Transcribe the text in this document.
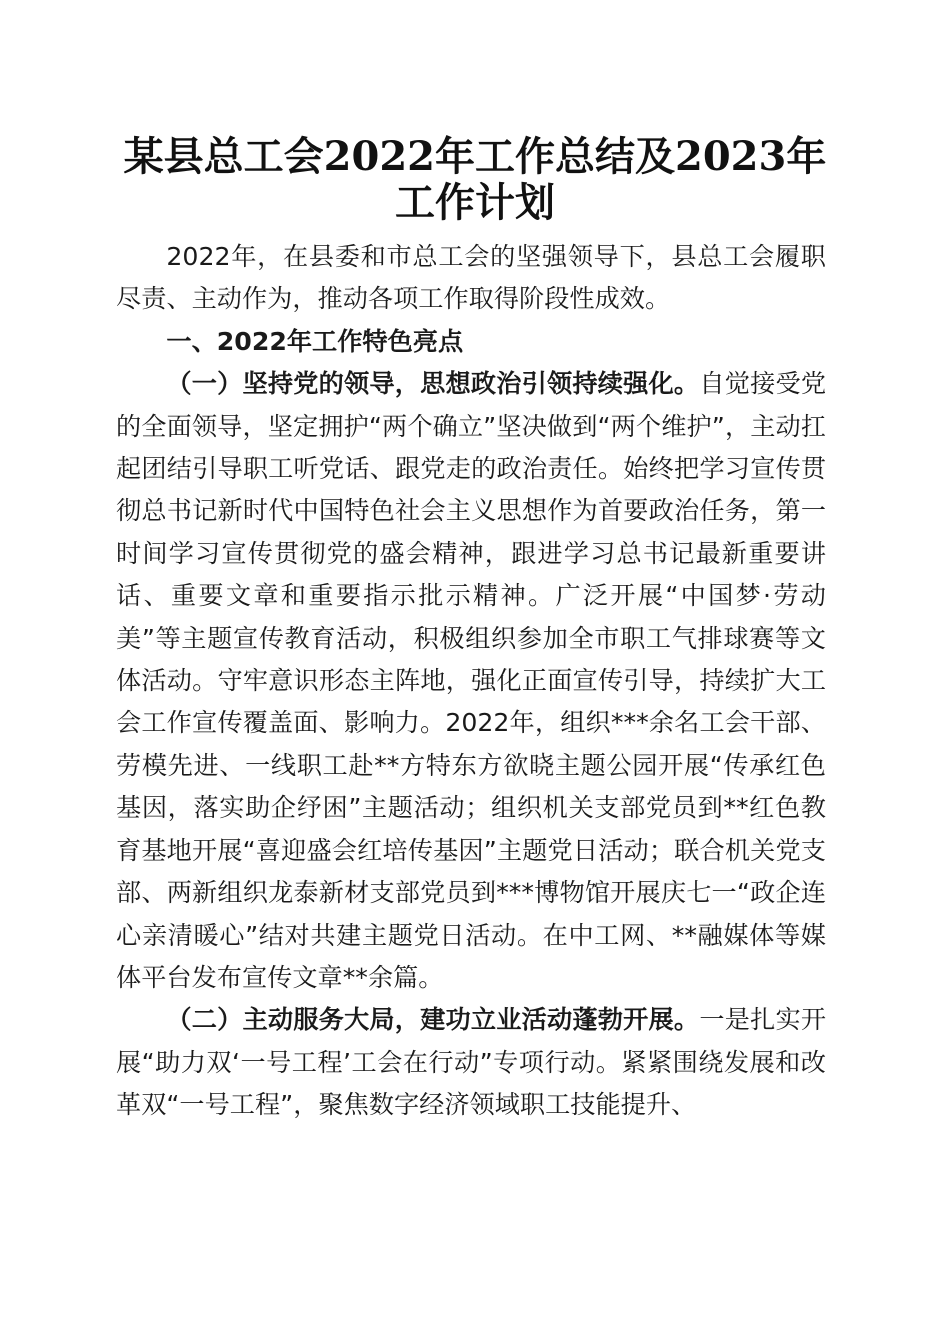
某县总工会2022年工作总结及2023年工作计划

2022年，在县委和市总工会的坚强领导下，县总工会履职尽责、主动作为，推动各项工作取得阶段性成效。

一、2022年工作特色亮点

（一）坚持党的领导，思想政治引领持续强化。自觉接受党的全面领导，坚定拥护“两个确立”坚决做到“两个维护”，主动扛起团结引导职工听党话、跟党走的政治责任。始终把学习宣传贯彻总书记新时代中国特色社会主义思想作为首要政治任务，第一时间学习宣传贯彻党的盛会精神，跟进学习总书记最新重要讲话、重要文章和重要指示批示精神。广泛开展“中国梦·劳动美”等主题宣传教育活动，积极组织参加全市职工气排球赛等文体活动。守牢意识形态主阵地，强化正面宣传引导，持续扩大工会工作宣传覆盖面、影响力。2022年，组织***余名工会干部、劳模先进、一线职工赴**方特东方欲晓主题公园开展“传承红色基因，落实助企纾困”主题活动；组织机关支部党员到**红色教育基地开展“喜迎盛会红培传基因”主题党日活动；联合机关党支部、两新组织龙泰新材支部党员到***博物馆开展庆七一“政企连心亲清暖心”结对共建主题党日活动。在中工网、**融媒体等媒体平台发布宣传文章**余篇。

（二）主动服务大局，建功立业活动蓬勃开展。一是扎实开展“助力双‘一号工程’工会在行动”专项行动。紧紧围绕发展和改革双“一号工程”，聚焦数字经济领域职工技能提升、
